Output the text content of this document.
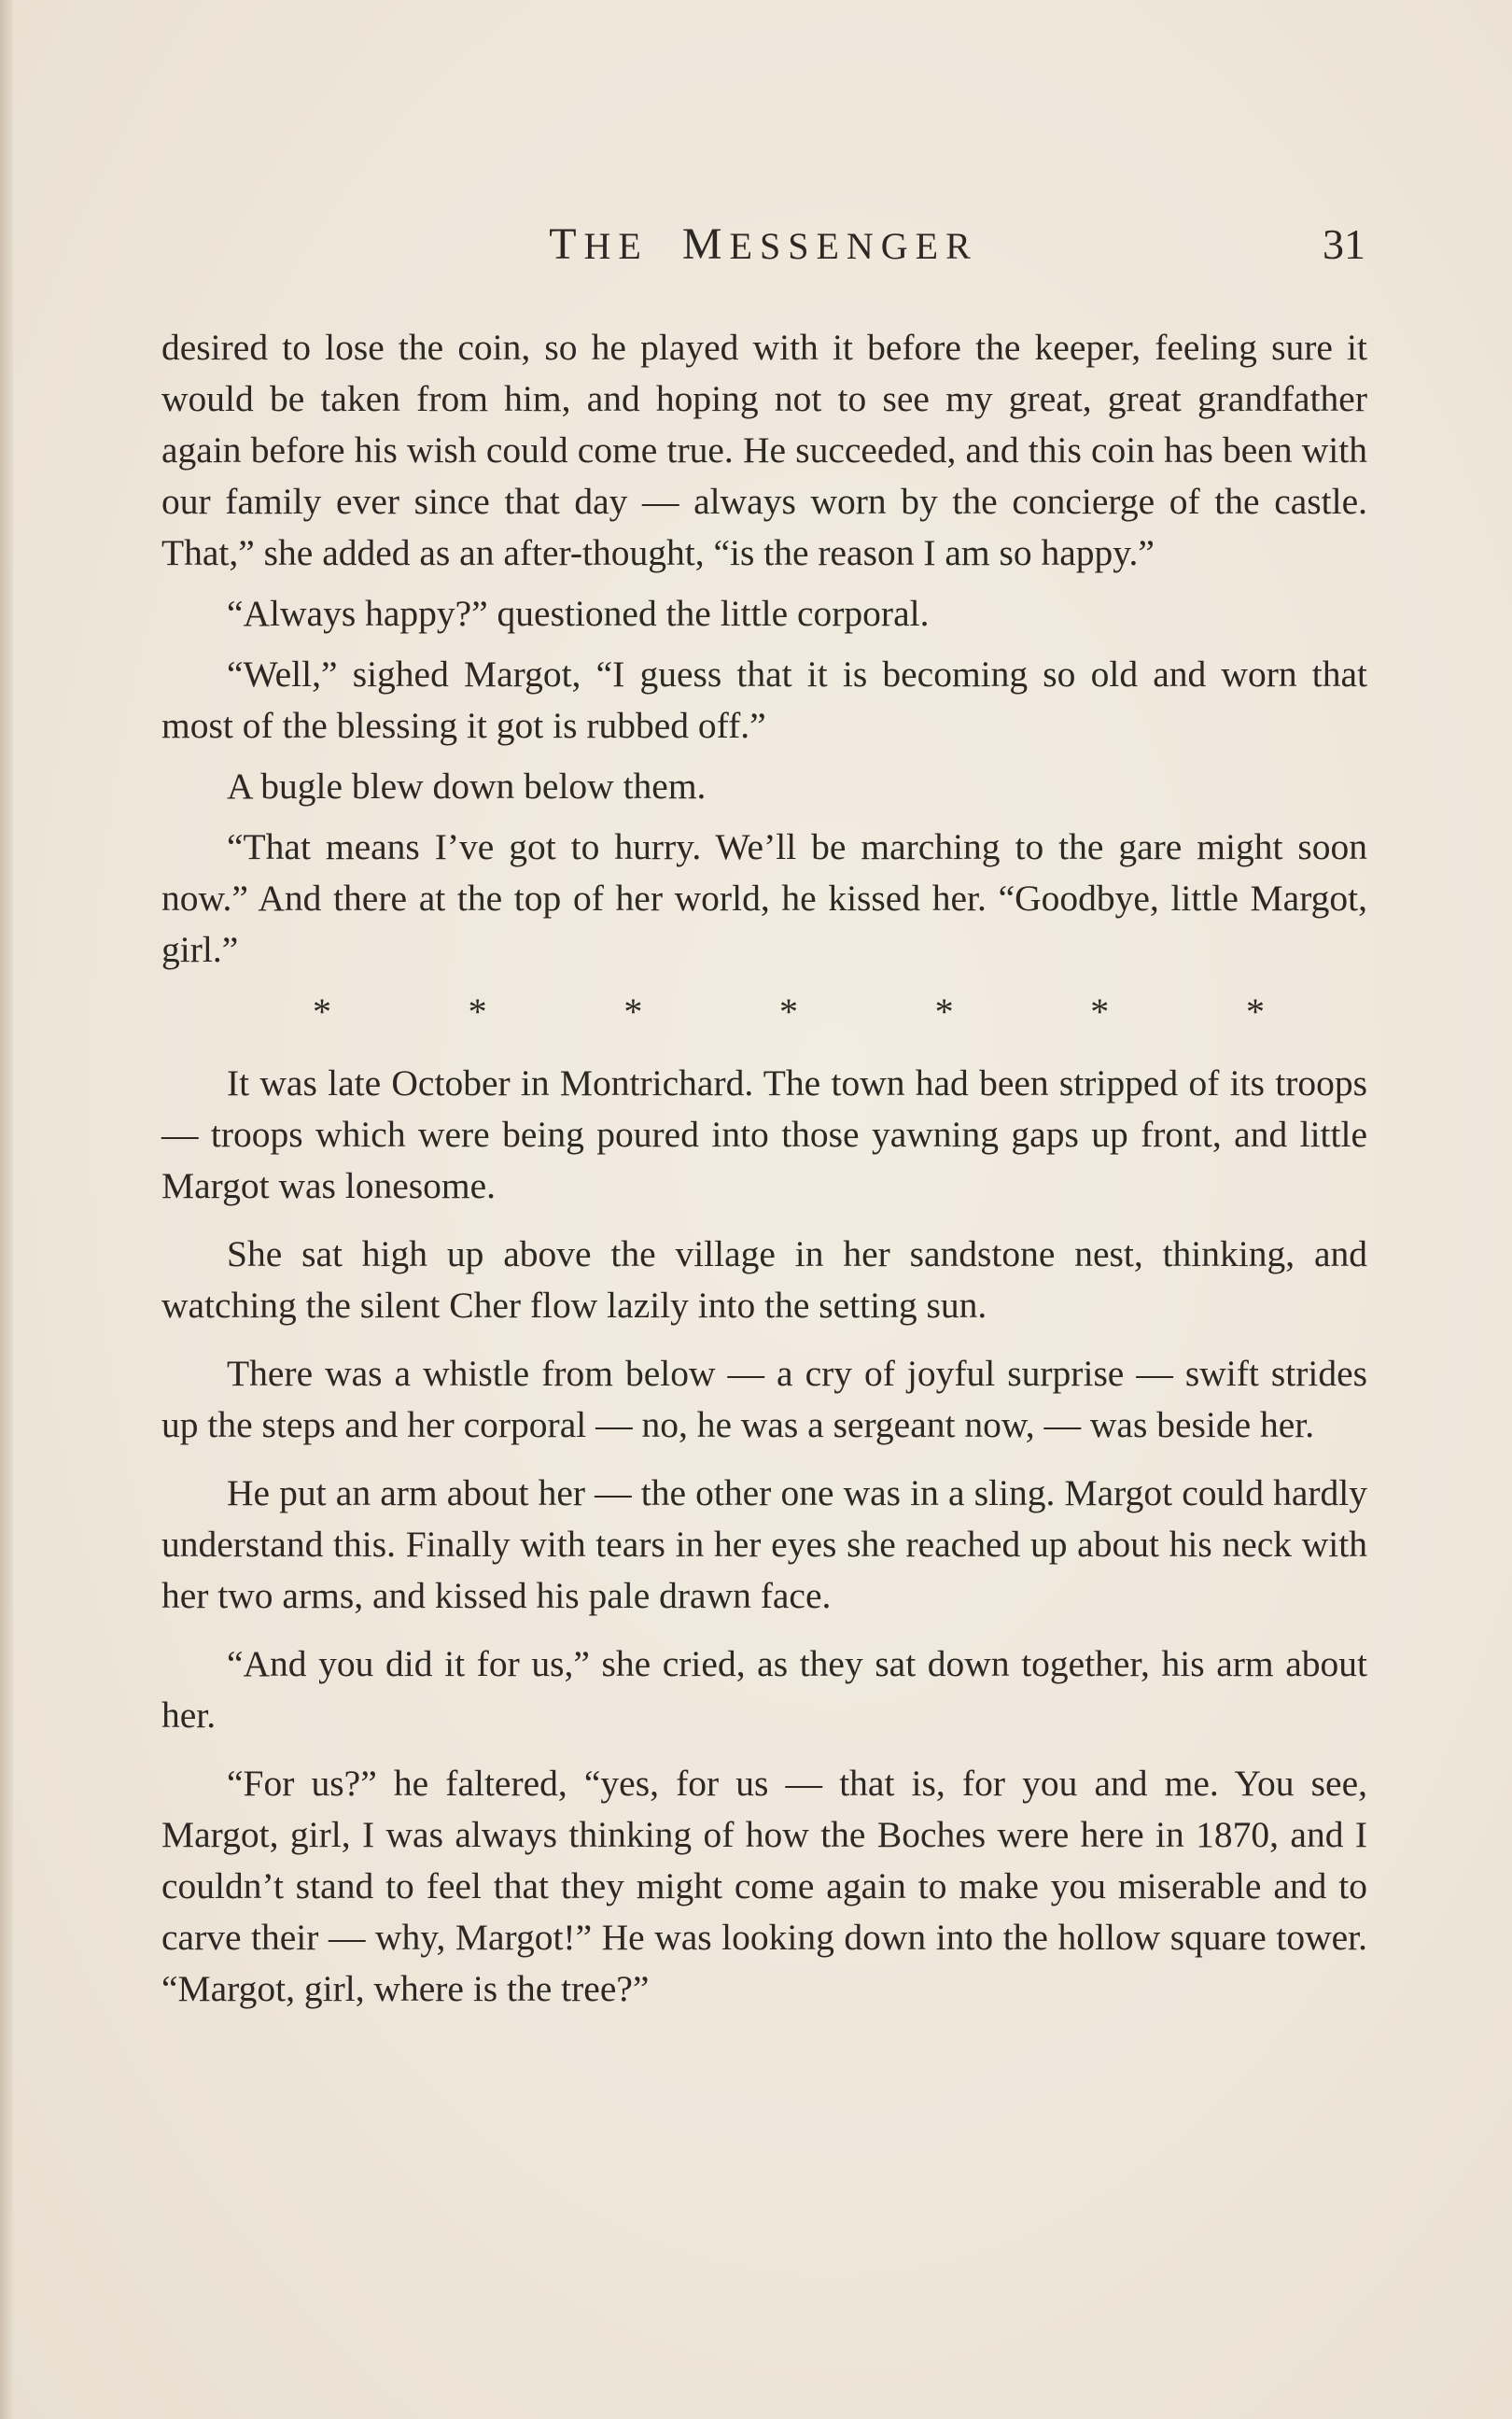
THE MESSENGER	31

desired to lose the coin, so he played with it before the keeper, feeling sure it would be taken from him, and hoping not to see my great, great grandfather again before his wish could come true. He succeeded, and this coin has been with our family ever since that day — always worn by the concierge of the castle. That,” she added as an after-thought, “is the reason I am so happy.”

“Always happy?” questioned the little corporal.

“Well,” sighed Margot, “I guess that it is becoming so old and worn that most of the blessing it got is rubbed off.”

A bugle blew down below them.

“That means I’ve got to hurry. We’ll be marching to the gare might soon now.” And there at the top of her world, he kissed her. “Goodbye, little Margot, girl.”

*	*	*	*	*	*	*

It was late October in Montrichard. The town had been stripped of its troops — troops which were being poured into those yawning gaps up front, and little Margot was lonesome.

She sat high up above the village in her sandstone nest, thinking, and watching the silent Cher flow lazily into the setting sun.

There was a whistle from below — a cry of joyful surprise — swift strides up the steps and her corporal — no, he was a sergeant now, — was beside her.

He put an arm about her — the other one was in a sling. Margot could hardly understand this. Finally with tears in her eyes she reached up about his neck with her two arms, and kissed his pale drawn face.

“And you did it for us,” she cried, as they sat down together, his arm about her.

“For us?” he faltered, “yes, for us — that is, for you and me. You see, Margot, girl, I was always thinking of how the Boches were here in 1870, and I couldn’t stand to feel that they might come again to make you miserable and to carve their — why, Margot!” He was looking down into the hollow square tower. “Margot, girl, where is the tree?”
